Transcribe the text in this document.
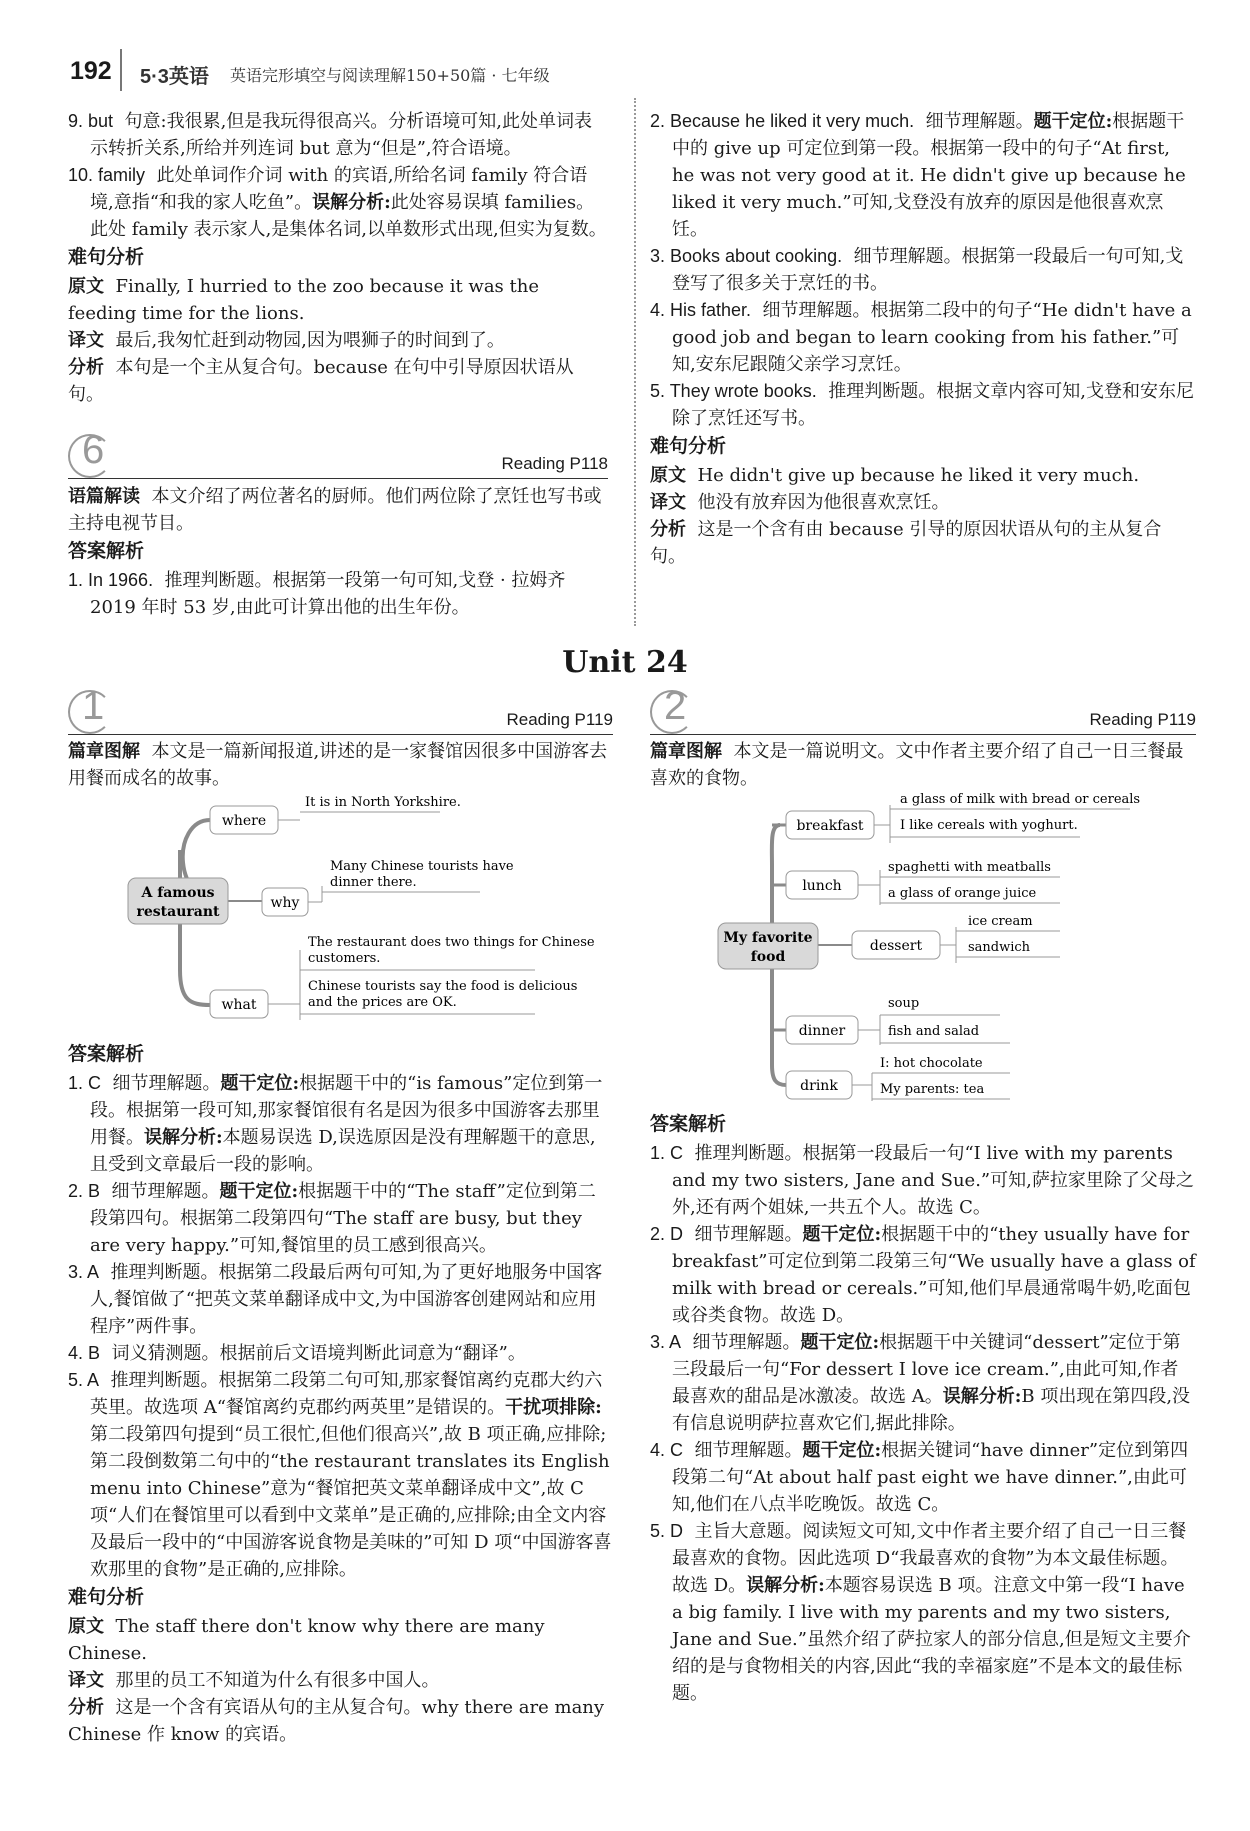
192 5·3英语 英语完形填空与阅读理解150+50篇 · 七年级

9. but 句意:我很累,但是我玩得很高兴。分析语境可知,此处单词表示转折关系,所给并列连词 but 意为“但是”,符合语境。

10. family 此处单词作介词 with 的宾语,所给名词 family 符合语境,意指“和我的家人吃鱼”。误解分析:此处容易误填 families。此处 family 表示家人,是集体名词,以单数形式出现,但实为复数。

难句分析

原文 Finally, I hurried to the zoo because it was the feeding time for the lions.

译文 最后,我匆忙赶到动物园,因为喂狮子的时间到了。

分析 本句是一个主从复合句。because 在句中引导原因状语从句。

6	Reading P118

语篇解读 本文介绍了两位著名的厨师。他们两位除了烹饪也写书或主持电视节目。

答案解析

1. In 1966. 推理判断题。根据第一段第一句可知,戈登 · 拉姆齐 2019 年时 53 岁,由此可计算出他的出生年份。

2. Because he liked it very much. 细节理解题。题干定位:根据题干中的 give up 可定位到第一段。根据第一段中的句子“At first, he was not very good at it. He didn't give up because he liked it very much.”可知,戈登没有放弃的原因是他很喜欢烹饪。

3. Books about cooking. 细节理解题。根据第一段最后一句可知,戈登写了很多关于烹饪的书。

4. His father. 细节理解题。根据第二段中的句子“He didn't have a good job and began to learn cooking from his father.”可知,安东尼跟随父亲学习烹饪。

5. They wrote books. 推理判断题。根据文章内容可知,戈登和安东尼除了烹饪还写书。

难句分析

原文 He didn't give up because he liked it very much.

译文 他没有放弃因为他很喜欢烹饪。

分析 这是一个含有由 because 引导的原因状语从句的主从复合句。

Unit 24
1	Reading P119

篇章图解 本文是一篇新闻报道,讲述的是一家餐馆因很多中国游客去用餐而成名的故事。

A famous
restaurant
where
It is in North Yorkshire.
why
Many Chinese tourists have
dinner there.
what
The restaurant does two things for Chinese
customers.
Chinese tourists say the food is delicious
and the prices are OK.

答案解析

1. C 细节理解题。题干定位:根据题干中的“is famous”定位到第一段。根据第一段可知,那家餐馆很有名是因为很多中国游客去那里用餐。误解分析:本题易误选 D,误选原因是没有理解题干的意思,且受到文章最后一段的影响。

2. B 细节理解题。题干定位:根据题干中的“The staff”定位到第二段第四句。根据第二段第四句“The staff are busy, but they are very happy.”可知,餐馆里的员工感到很高兴。

3. A 推理判断题。根据第二段最后两句可知,为了更好地服务中国客人,餐馆做了“把英文菜单翻译成中文,为中国游客创建网站和应用程序”两件事。

4. B 词义猜测题。根据前后文语境判断此词意为“翻译”。

5. A 推理判断题。根据第二段第二句可知,那家餐馆离约克郡大约六英里。故选项 A“餐馆离约克郡约两英里”是错误的。干扰项排除:第二段第四句提到“员工很忙,但他们很高兴”,故 B 项正确,应排除;第二段倒数第二句中的“the restaurant translates its English menu into Chinese”意为“餐馆把英文菜单翻译成中文”,故 C 项“人们在餐馆里可以看到中文菜单”是正确的,应排除;由全文内容及最后一段中的“中国游客说食物是美味的”可知 D 项“中国游客喜欢那里的食物”是正确的,应排除。

难句分析

原文 The staff there don't know why there are many Chinese.

译文 那里的员工不知道为什么有很多中国人。

分析 这是一个含有宾语从句的主从复合句。why there are many Chinese 作 know 的宾语。

2	Reading P119

篇章图解 本文是一篇说明文。文中作者主要介绍了自己一日三餐最喜欢的食物。

My favorite
food
breakfast
a glass of milk with bread or cereals
I like cereals with yoghurt.
lunch
spaghetti with meatballs
a glass of orange juice
dessert
ice cream
sandwich
dinner
soup
fish and salad
drink
I: hot chocolate
My parents: tea

答案解析

1. C 推理判断题。根据第一段最后一句“I live with my parents and my two sisters, Jane and Sue.”可知,萨拉家里除了父母之外,还有两个姐妹,一共五个人。故选 C。

2. D 细节理解题。题干定位:根据题干中的“they usually have for breakfast”可定位到第二段第三句“We usually have a glass of milk with bread or cereals.”可知,他们早晨通常喝牛奶,吃面包或谷类食物。故选 D。

3. A 细节理解题。题干定位:根据题干中关键词“dessert”定位于第三段最后一句“For dessert I love ice cream.”,由此可知,作者最喜欢的甜品是冰激凌。故选 A。误解分析:B 项出现在第四段,没有信息说明萨拉喜欢它们,据此排除。

4. C 细节理解题。题干定位:根据关键词“have dinner”定位到第四段第二句“At about half past eight we have dinner.”,由此可知,他们在八点半吃晚饭。故选 C。

5. D 主旨大意题。阅读短文可知,文中作者主要介绍了自己一日三餐最喜欢的食物。因此选项 D“我最喜欢的食物”为本文最佳标题。故选 D。误解分析:本题容易误选 B 项。注意文中第一段“I have a big family. I live with my parents and my two sisters, Jane and Sue.”虽然介绍了萨拉家人的部分信息,但是短文主要介绍的是与食物相关的内容,因此“我的幸福家庭”不是本文的最佳标题。
